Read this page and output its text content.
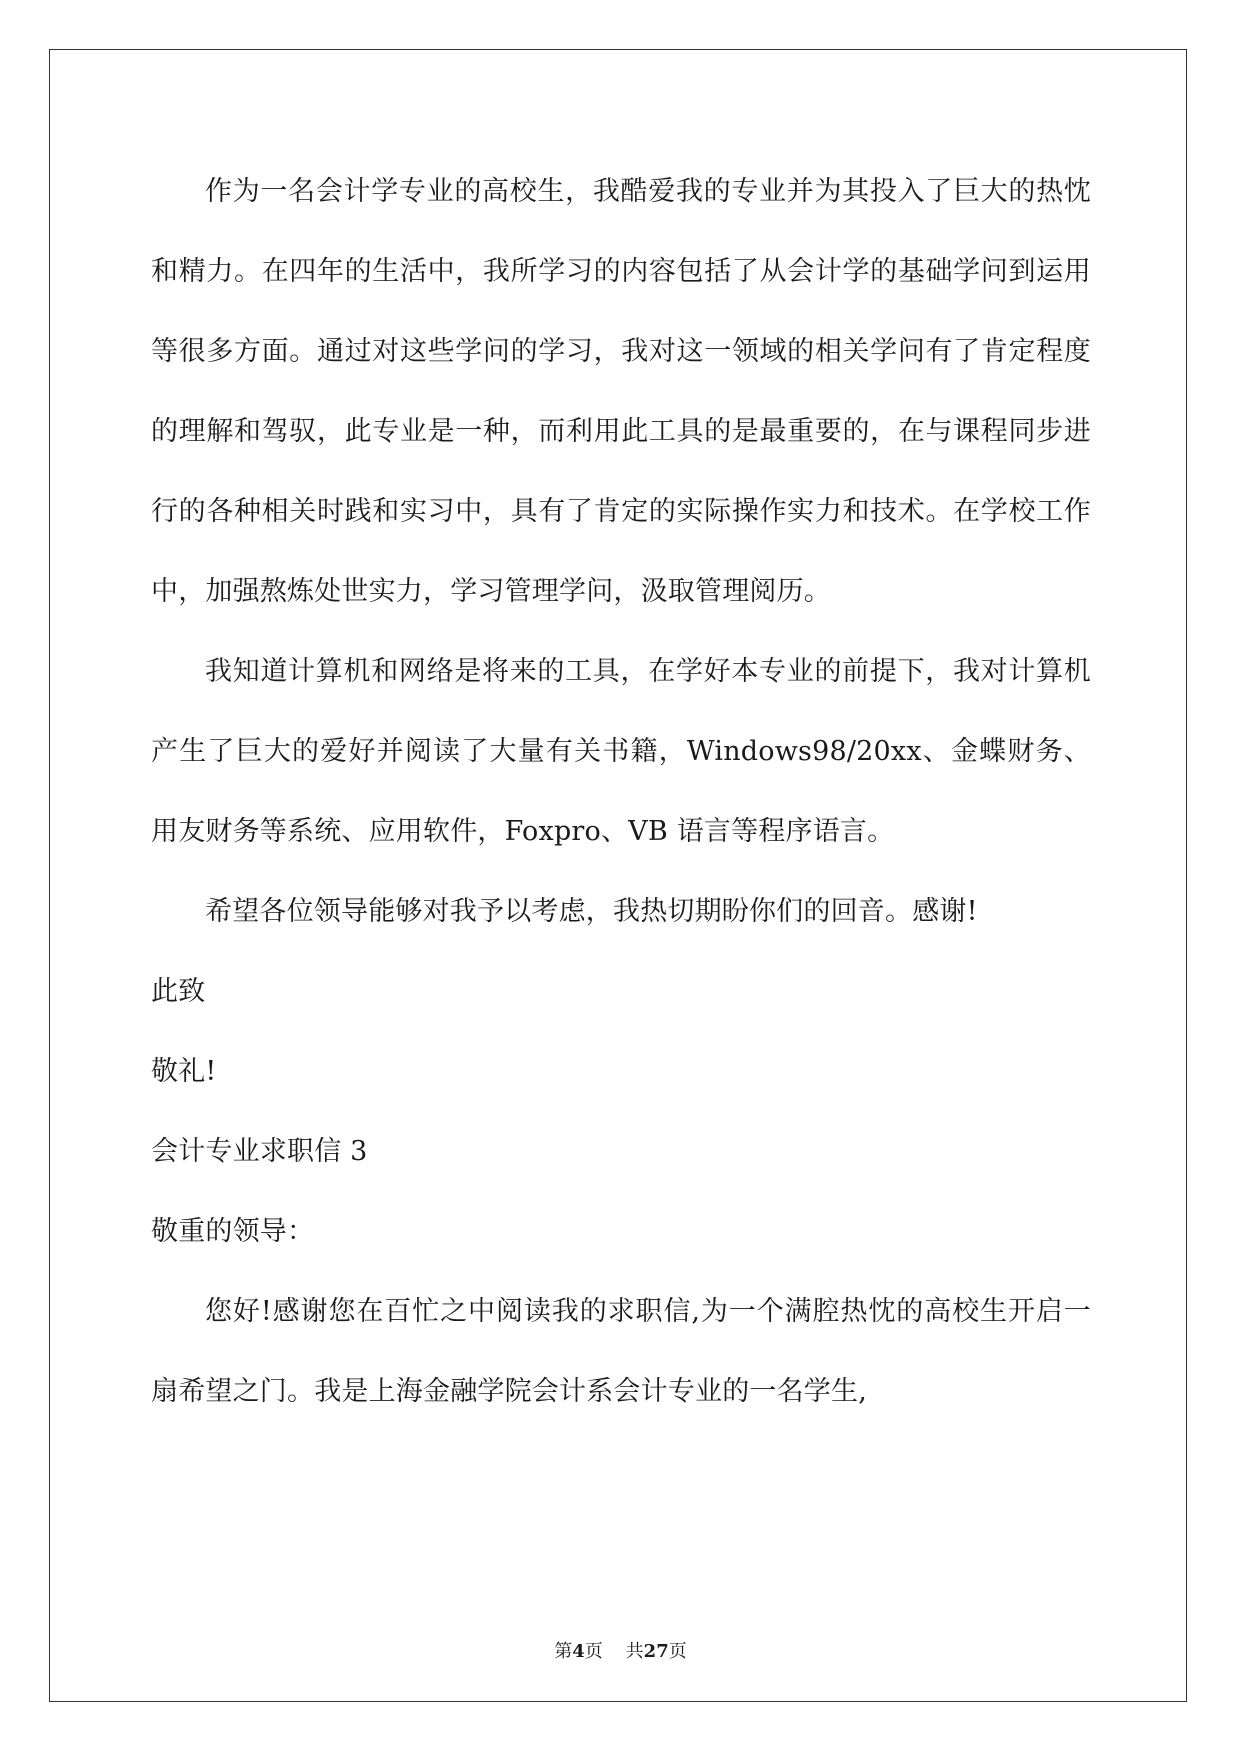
作为一名会计学专业的高校生，我酷爱我的专业并为其投入了巨大的热忱和精力。在四年的生活中，我所学习的内容包括了从会计学的基础学问到运用等很多方面。通过对这些学问的学习，我对这一领域的相关学问有了肯定程度的理解和驾驭，此专业是一种，而利用此工具的是最重要的，在与课程同步进行的各种相关时践和实习中，具有了肯定的实际操作实力和技术。在学校工作中，加强熬炼处世实力，学习管理学问，汲取管理阅历。

我知道计算机和网络是将来的工具，在学好本专业的前提下，我对计算机产生了巨大的爱好并阅读了大量有关书籍，Windows98/20xx、金蝶财务、用友财务等系统、应用软件，Foxpro、VB 语言等程序语言。

希望各位领导能够对我予以考虑，我热切期盼你们的回音。感谢!

此致

敬礼!

会计专业求职信 3

敬重的领导：

您好!感谢您在百忙之中阅读我的求职信,为一个满腔热忱的高校生开启一扇希望之门。我是上海金融学院会计系会计专业的一名学生,

第4页 共27页
